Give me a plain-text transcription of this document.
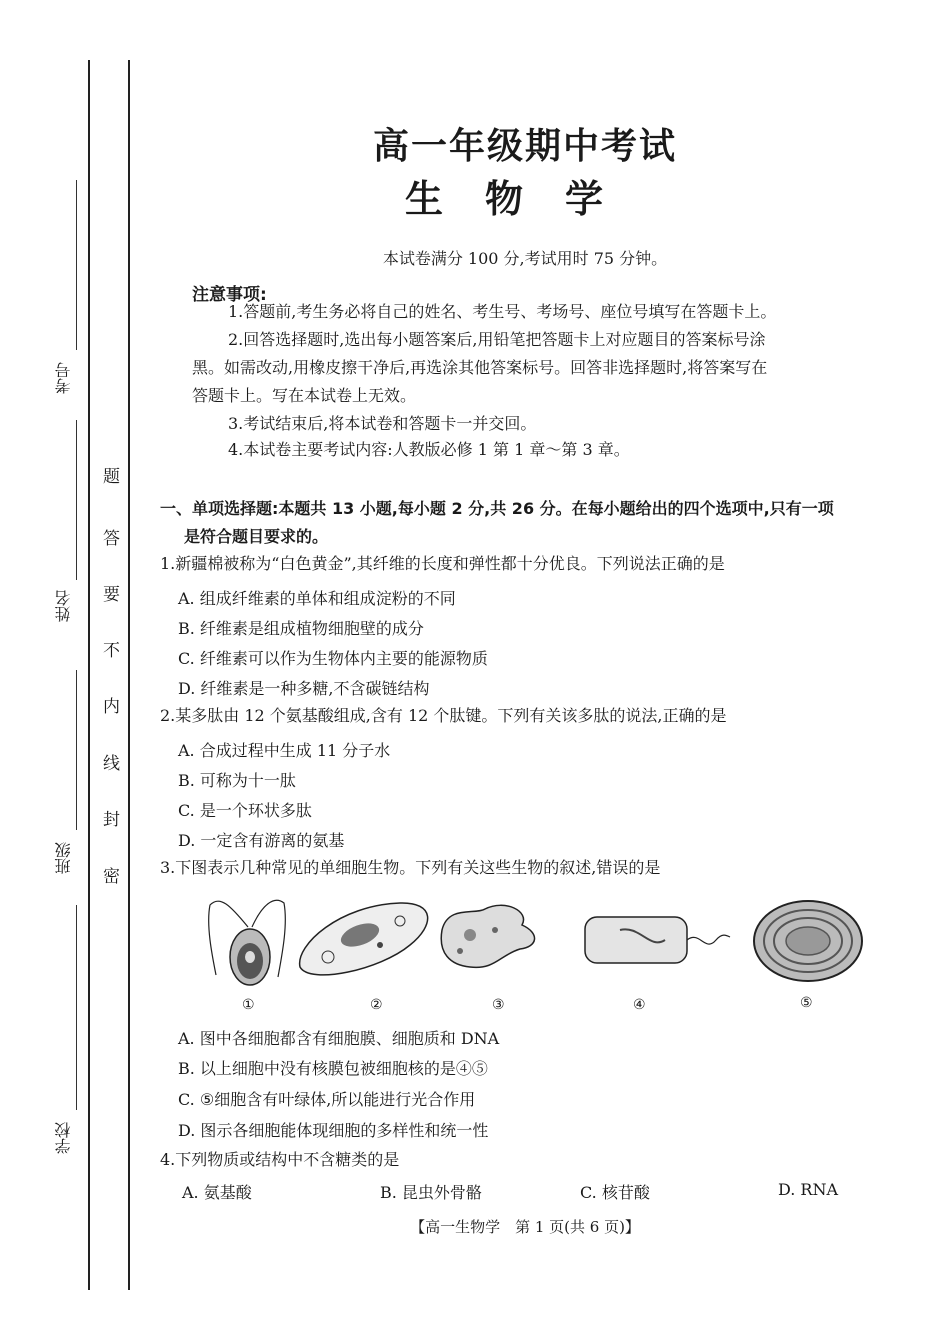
考号
姓名
班级
学校
密
封
线
内
不
要
答
题
高一年级期中考试
生物学
本试卷满分 100 分,考试用时 75 分钟。
注意事项:
1.答题前,考生务必将自己的姓名、考生号、考场号、座位号填写在答题卡上。
2.回答选择题时,选出每小题答案后,用铅笔把答题卡上对应题目的答案标号涂
黑。如需改动,用橡皮擦干净后,再选涂其他答案标号。回答非选择题时,将答案写在
答题卡上。写在本试卷上无效。
3.考试结束后,将本试卷和答题卡一并交回。
4.本试卷主要考试内容:人教版必修 1 第 1 章～第 3 章。
一、单项选择题:本题共 13 小题,每小题 2 分,共 26 分。在每小题给出的四个选项中,只有一项
是符合题目要求的。
1.新疆棉被称为“白色黄金”,其纤维的长度和弹性都十分优良。下列说法正确的是
A. 组成纤维素的单体和组成淀粉的不同
B. 纤维素是组成植物细胞壁的成分
C. 纤维素可以作为生物体内主要的能源物质
D. 纤维素是一种多糖,不含碳链结构
2.某多肽由 12 个氨基酸组成,含有 12 个肽键。下列有关该多肽的说法,正确的是
A. 合成过程中生成 11 分子水
B. 可称为十一肽
C. 是一个环状多肽
D. 一定含有游离的氨基
3.下图表示几种常见的单细胞生物。下列有关这些生物的叙述,错误的是
①	②	③	④	⑤
A. 图中各细胞都含有细胞膜、细胞质和 DNA
B. 以上细胞中没有核膜包被细胞核的是④⑤
C. ⑤细胞含有叶绿体,所以能进行光合作用
D. 图示各细胞能体现细胞的多样性和统一性
4.下列物质或结构中不含糖类的是
A. 氨基酸	B. 昆虫外骨骼	C. 核苷酸	D. RNA
【高一生物学　第 1 页(共 6 页)】
